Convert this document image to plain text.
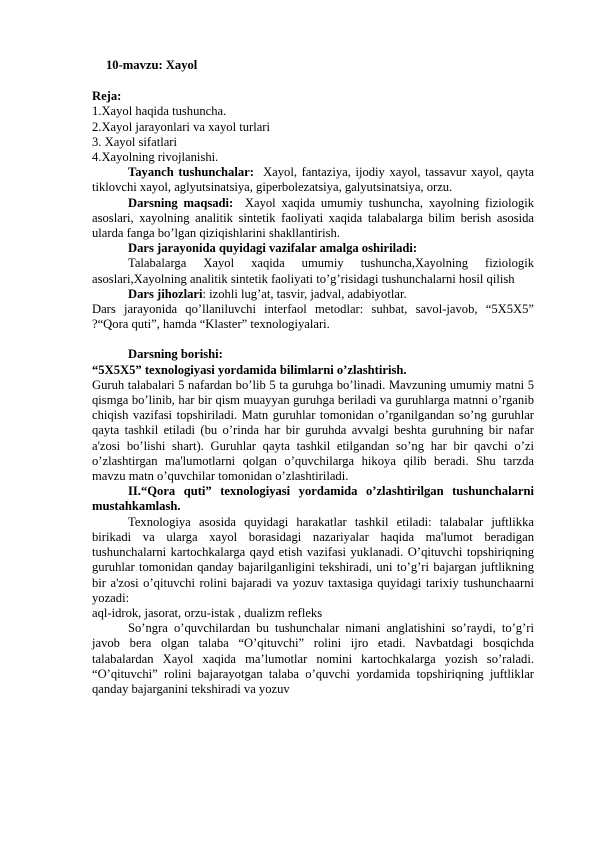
10-mavzu: Xayol
Reja:
1.Xayol haqida tushuncha.
2.Xayol jarayonlari va xayol turlari
3. Xayol sifatlari
4.Xayolning rivojlanishi.

Tayanch tushunchalar: Xayol, fantaziya, ijodiy xayol, tassavur xayol, qayta tiklovchi xayol, aglyutsinatsiya, giperbolezatsiya, galyutsinatsiya, orzu.

Darsning maqsadi: Xayol xaqida umumiy tushuncha, xayolning fiziologik asoslari, xayolning analitik sintetik faoliyati xaqida talabalarga bilim berish asosida ularda fanga bo’lgan qiziqishlarini shakllantirish.

Dars jarayonida quyidagi vazifalar amalga oshiriladi:

Talabalarga Xayol xaqida umumiy tushuncha,Xayolning fiziologik asoslari,Xayolning analitik sintetik faoliyati to’g’risidagi tushunchalarni hosil qilish

Dars jihozlari: izohli lug’at, tasvir, jadval, adabiyotlar.

Dars jarayonida qo’llaniluvchi interfaol metodlar: suhbat, savol-javob, “5X5X5” ?“Qora quti”, hamda “Klaster” texnologiyalari.

Darsning borishi:

“5X5X5” texnologiyasi yordamida bilimlarni o’zlashtirish.

Guruh talabalari 5 nafardan bo’lib 5 ta guruhga bo’linadi. Mavzuning umumiy matni 5 qismga bo’linib, har bir qism muayyan guruhga beriladi va guruhlarga matnni o’rganib chiqish vazifasi topshiriladi. Matn guruhlar tomonidan o’rganilgandan so’ng guruhlar qayta tashkil etiladi (bu o’rinda har bir guruhda avvalgi beshta guruhning bir nafar a'zosi bo’lishi shart). Guruhlar qayta tashkil etilgandan so’ng har bir qavchi o’zi o’zlashtirgan ma'lumotlarni qolgan o’quvchilarga hikoya qilib beradi. Shu tarzda mavzu matn o’quvchilar tomonidan o’zlashtiriladi.

II.“Qora quti” texnologiyasi yordamida o’zlashtirilgan tushunchalarni mustahkamlash.

Texnologiya asosida quyidagi harakatlar tashkil etiladi: talabalar juftlikka birikadi va ularga xayol borasidagi nazariyalar haqida ma'lumot beradigan tushunchalarni kartochkalarga qayd etish vazifasi yuklanadi. O’qituvchi topshiriqning guruhlar tomonidan qanday bajarilganligini tekshiradi, uni to’g’ri bajargan juftlikning bir a'zosi o’qituvchi rolini bajaradi va yozuv taxtasiga quyidagi tarixiy tushunchaarni yozadi:

aql-idrok, jasorat, orzu-istak , dualizm refleks

So’ngra o’quvchilardan bu tushunchalar nimani anglatishini so’raydi, to’g’ri javob bera olgan talaba “O’qituvchi” rolini ijro etadi. Navbatdagi bosqichda talabalardan Xayol xaqida ma’lumotlar nomini kartochkalarga yozish so’raladi. “O’qituvchi” rolini bajarayotgan talaba o’quvchi yordamida topshiriqning juftliklar qanday bajarganini tekshiradi va yozuv
